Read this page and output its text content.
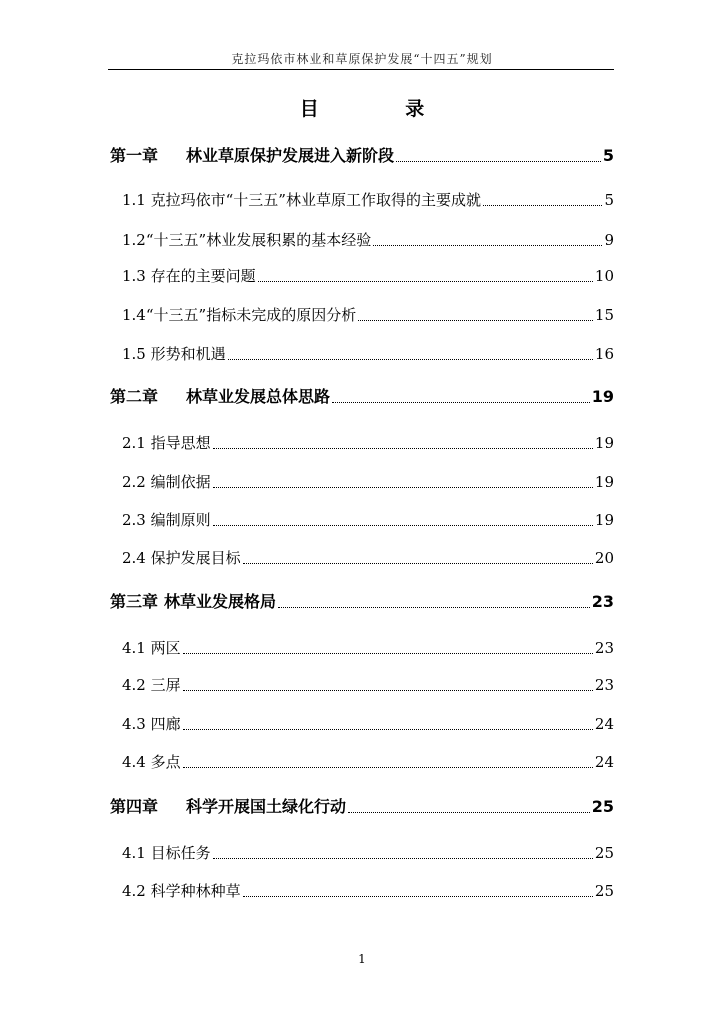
克拉玛依市林业和草原保护发展“十四五”规划
目 录
第一章 林业草原保护发展进入新阶段	5
1.1 克拉玛依市“十三五”林业草原工作取得的主要成就	5
1.2“十三五”林业发展积累的基本经验	9
1.3 存在的主要问题	10
1.4“十三五”指标未完成的原因分析	15
1.5 形势和机遇	16
第二章 林草业发展总体思路	19
2.1 指导思想	19
2.2 编制依据	19
2.3 编制原则	19
2.4 保护发展目标	20
第三章 林草业发展格局	23
4.1 两区	23
4.2 三屏	23
4.3 四廊	24
4.4 多点	24
第四章 科学开展国土绿化行动	25
4.1 目标任务	25
4.2 科学种林种草	25
1
